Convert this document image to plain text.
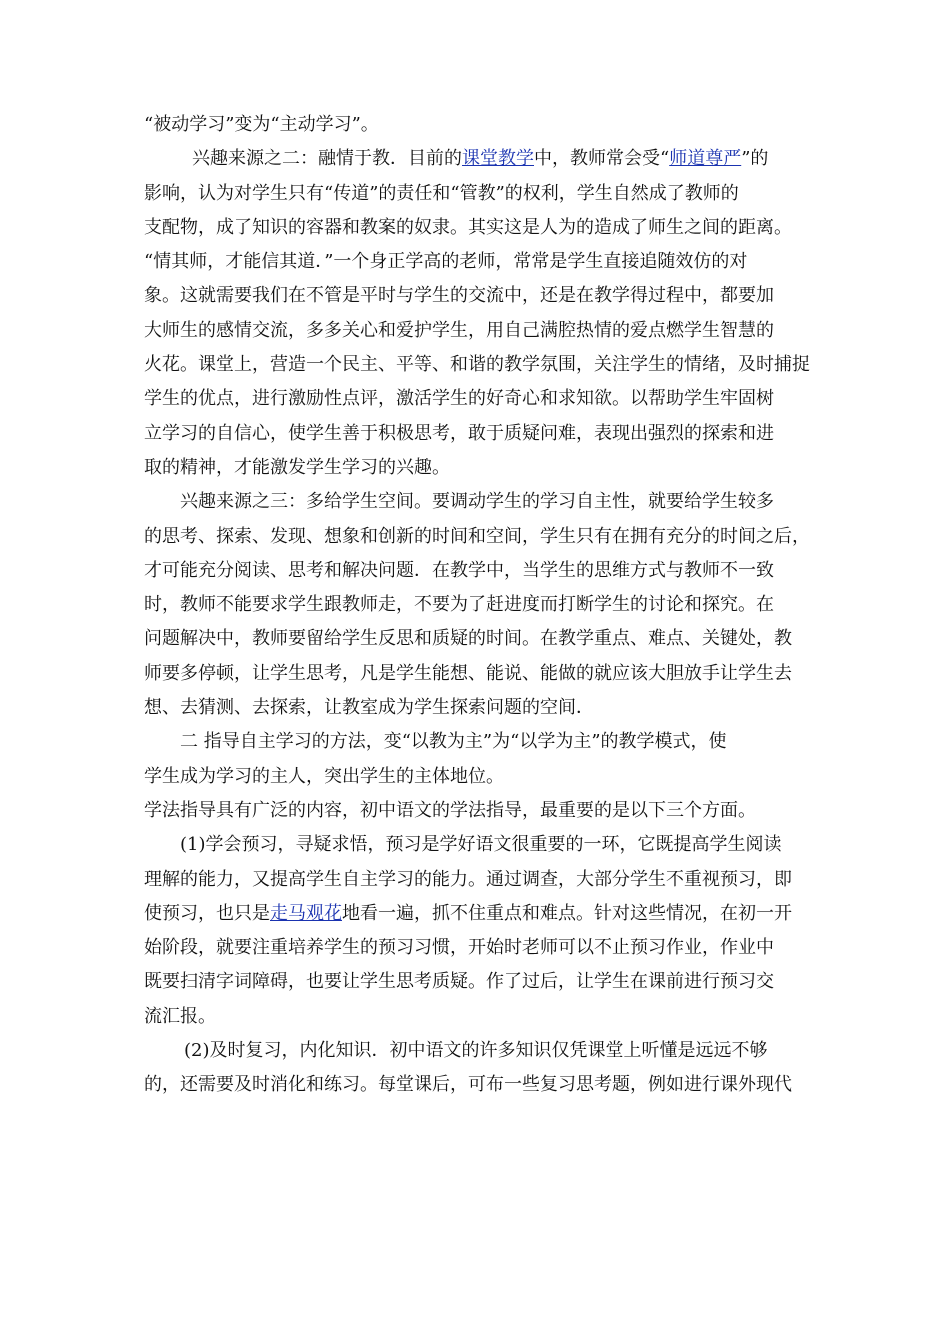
“被动学习”变为“主动学习”。
兴趣来源之二：融情于教．目前的课堂教学中，教师常会受“师道尊严”的
影响，认为对学生只有“传道”的责任和“管教”的权利，学生自然成了教师的
支配物，成了知识的容器和教案的奴隶。其实这是人为的造成了师生之间的距离。
“情其师，才能信其道．”一个身正学高的老师，常常是学生直接追随效仿的对
象。这就需要我们在不管是平时与学生的交流中，还是在教学得过程中，都要加
大师生的感情交流，多多关心和爱护学生，用自己满腔热情的爱点燃学生智慧的
火花。课堂上，营造一个民主、平等、和谐的教学氛围，关注学生的情绪，及时捕捉
学生的优点，进行激励性点评，激活学生的好奇心和求知欲。以帮助学生牢固树
立学习的自信心，使学生善于积极思考，敢于质疑问难，表现出强烈的探索和进
取的精神，才能激发学生学习的兴趣。
兴趣来源之三：多给学生空间。要调动学生的学习自主性，就要给学生较多
的思考、探索、发现、想象和创新的时间和空间，学生只有在拥有充分的时间之后，
才可能充分阅读、思考和解决问题．在教学中，当学生的思维方式与教师不一致
时，教师不能要求学生跟教师走，不要为了赶进度而打断学生的讨论和探究。在
问题解决中，教师要留给学生反思和质疑的时间。在教学重点、难点、关键处，教
师要多停顿，让学生思考，凡是学生能想、能说、能做的就应该大胆放手让学生去
想、去猜测、去探索，让教室成为学生探索问题的空间．
二 指导自主学习的方法，变“以教为主”为“以学为主”的教学模式，使
学生成为学习的主人，突出学生的主体地位。
学法指导具有广泛的内容，初中语文的学法指导，最重要的是以下三个方面。
(1)学会预习，寻疑求悟，预习是学好语文很重要的一环，它既提高学生阅读
理解的能力，又提高学生自主学习的能力。通过调查，大部分学生不重视预习，即
使预习，也只是走马观花地看一遍，抓不住重点和难点。针对这些情况，在初一开
始阶段，就要注重培养学生的预习习惯，开始时老师可以不止预习作业，作业中
既要扫清字词障碍，也要让学生思考质疑。作了过后，让学生在课前进行预习交
流汇报。
(2)及时复习，内化知识．初中语文的许多知识仅凭课堂上听懂是远远不够
的，还需要及时消化和练习。每堂课后，可布一些复习思考题，例如进行课外现代
